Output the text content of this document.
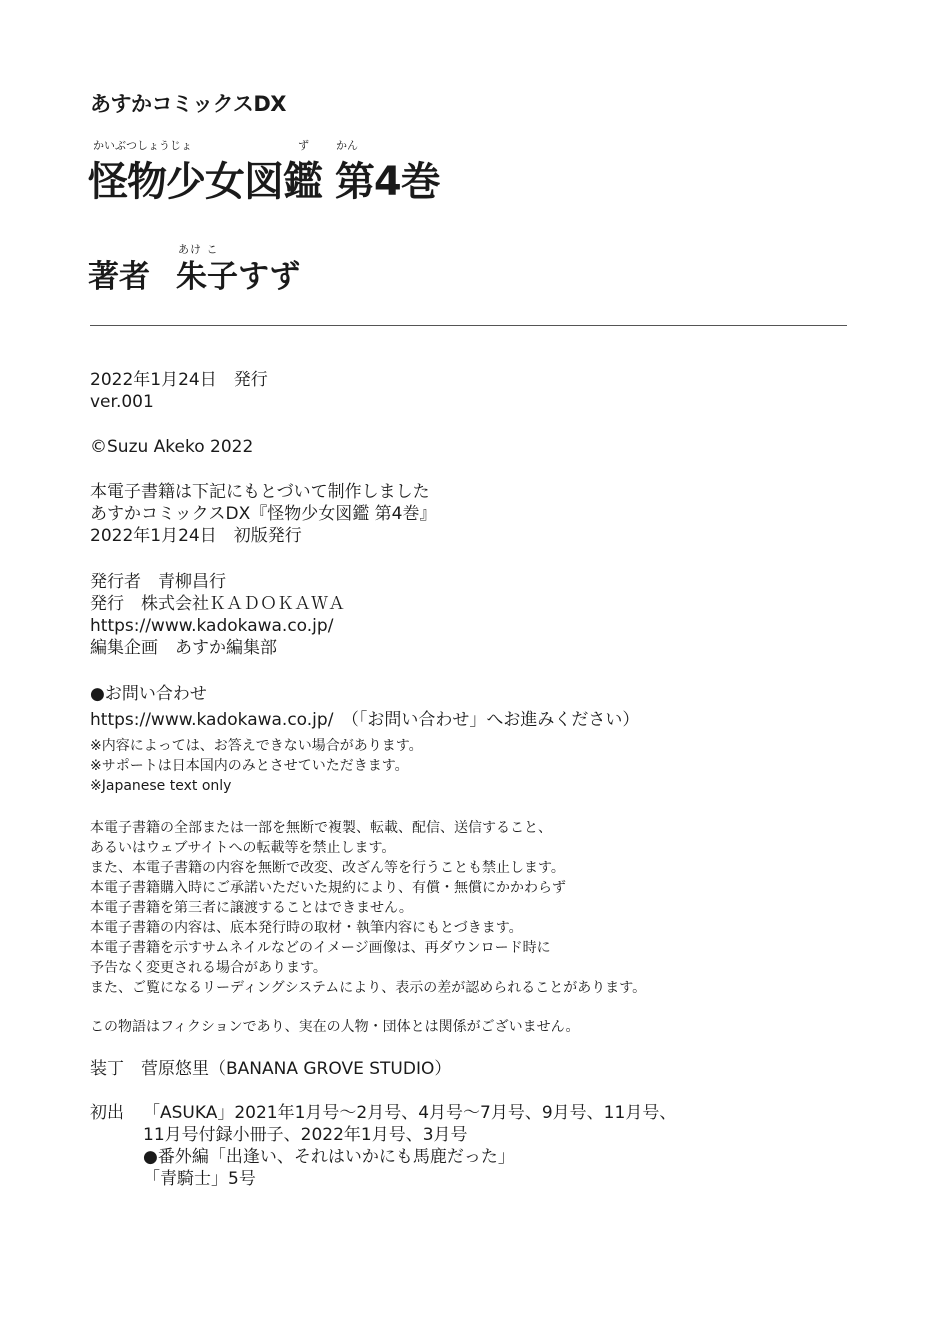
あすかコミックスDX
かいぶつしょうじょ	ず かん
怪物少女図鑑 第4巻
あけ こ
著者 朱子すず
2022年1月24日　発行
ver.001
©Suzu Akeko 2022
本電子書籍は下記にもとづいて制作しました
あすかコミックスDX『怪物少女図鑑 第4巻』
2022年1月24日　初版発行
発行者　青柳昌行
発行　株式会社ＫＡＤＯＫＡＷＡ
https://www.kadokawa.co.jp/
編集企画　あすか編集部
●お問い合わせ
https://www.kadokawa.co.jp/　（「お問い合わせ」へお進みください）
※内容によっては、お答えできない場合があります。
※サポートは日本国内のみとさせていただきます。
※Japanese text only
本電子書籍の全部または一部を無断で複製、転載、配信、送信すること、
あるいはウェブサイトへの転載等を禁止します。
また、本電子書籍の内容を無断で改変、改ざん等を行うことも禁止します。
本電子書籍購入時にご承諾いただいた規約により、有償・無償にかかわらず
本電子書籍を第三者に譲渡することはできません。
本電子書籍の内容は、底本発行時の取材・執筆内容にもとづきます。
本電子書籍を示すサムネイルなどのイメージ画像は、再ダウンロード時に
予告なく変更される場合があります。
また、ご覧になるリーディングシステムにより、表示の差が認められることがあります。
この物語はフィクションであり、実在の人物・団体とは関係がございません。
装丁　菅原悠里（BANANA GROVE STUDIO）
初出 「ASUKA」2021年1月号〜2月号、4月号〜7月号、9月号、11月号、
11月号付録小冊子、2022年1月号、3月号
●番外編「出逢い、それはいかにも馬鹿だった」
「青騎士」5号
